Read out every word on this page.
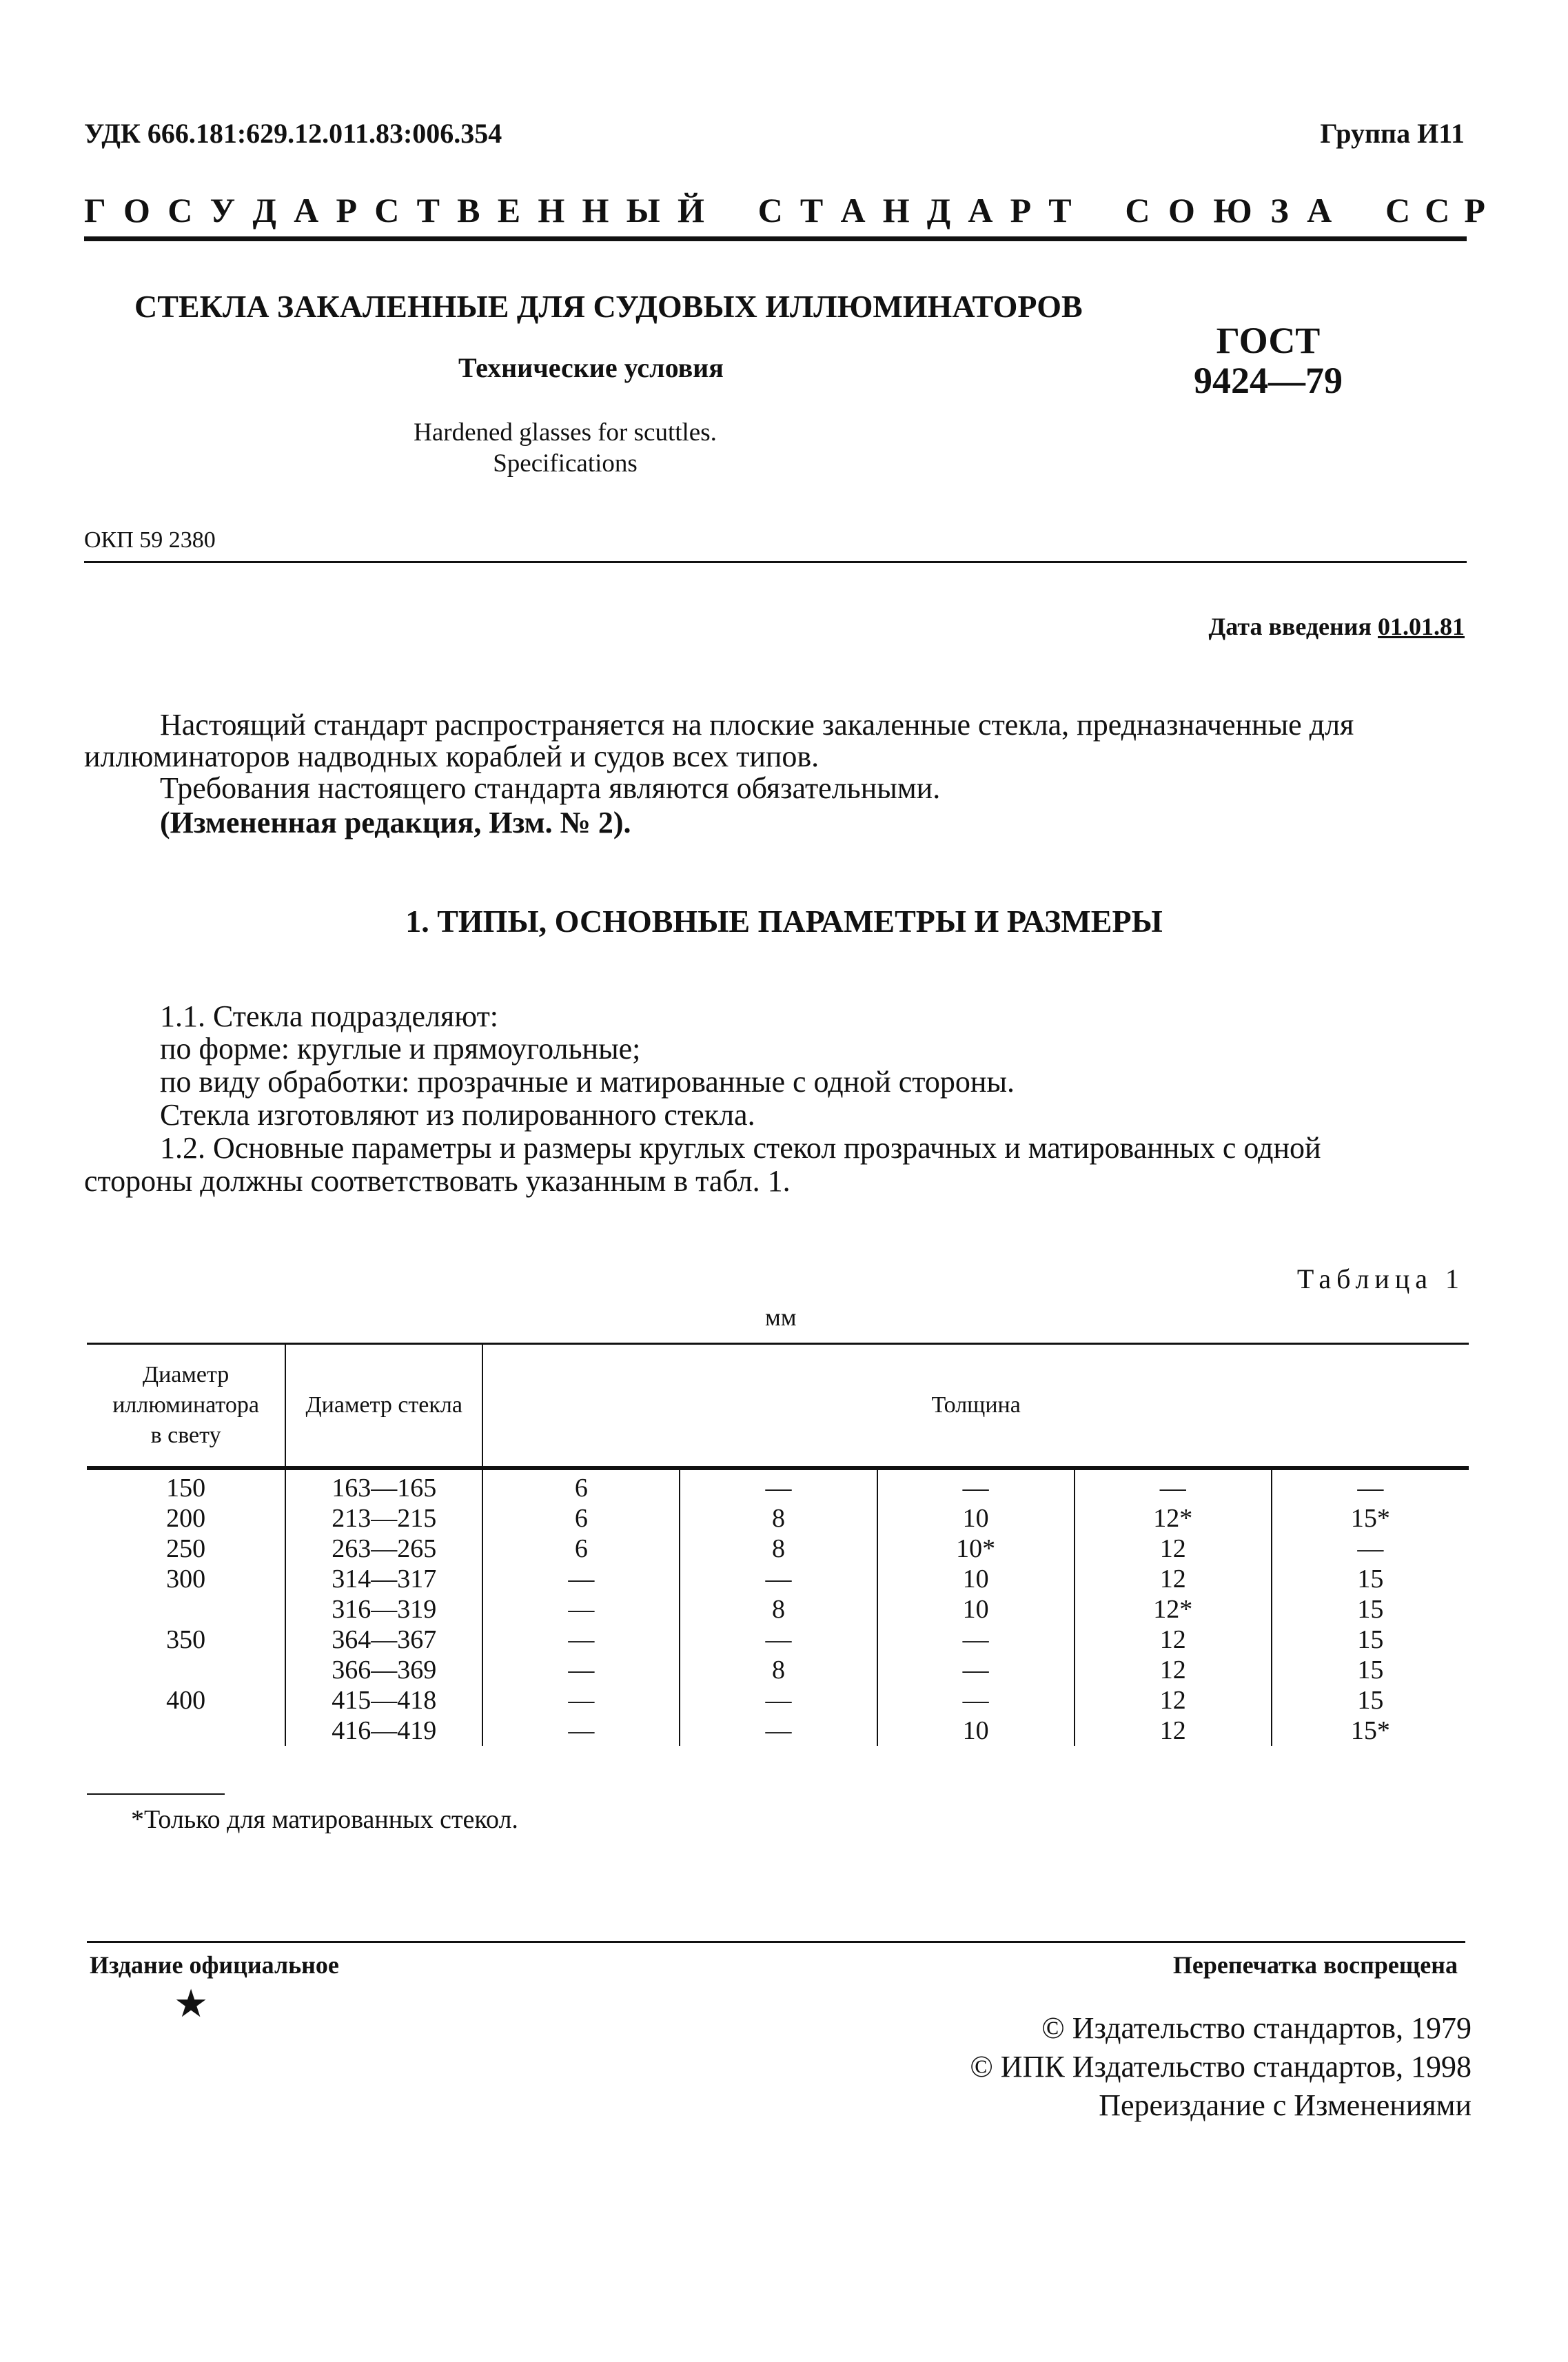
УДК 666.181:629.12.011.83:006.354	Группа И11
Г О С У Д А Р С Т В Е Н Н Ы Й С Т А Н Д А Р Т С О Ю З А С С Р
СТЕКЛА ЗАКАЛЕННЫЕ ДЛЯ СУДОВЫХ ИЛЛЮМИНАТОРОВ
Технические условия
Hardened glasses for scuttles.
Specifications
ГОСТ
9424—79
ОКП 59 2380
Дата введения 01.01.81
Настоящий стандарт распространяется на плоские закаленные стекла, предназначенные для
иллюминаторов надводных кораблей и судов всех типов.
Требования настоящего стандарта являются обязательными.
(Измененная редакция, Изм. № 2).
1. ТИПЫ, ОСНОВНЫЕ ПАРАМЕТРЫ И РАЗМЕРЫ
1.1. Стекла подразделяют:
по форме: круглые и прямоугольные;
по виду обработки: прозрачные и матированные с одной стороны.
Стекла изготовляют из полированного стекла.
1.2. Основные параметры и размеры круглых стекол прозрачных и матированных с одной
стороны должны соответствовать указанным в табл. 1.
Таблица 1
мм
Диаметр
иллюминатора
в свету	Диаметр стекла	Толщина				
150	163—165	6	—	—	—	—
200	213—215	6	8	10	12*	15*
250	263—265	6	8	10*	12	—
300	314—317	—	—	10	12	15
	316—319	—	8	10	12*	15
350	364—367	—	—	—	12	15
	366—369	—	8	—	12	15
400	415—418	—	—	—	12	15
	416—419	—	—	10	12	15*
*Только для матированных стекол.
Издание официальное	Перепечатка воспрещена
★
© Издательство стандартов, 1979
© ИПК Издательство стандартов, 1998
Переиздание с Изменениями
